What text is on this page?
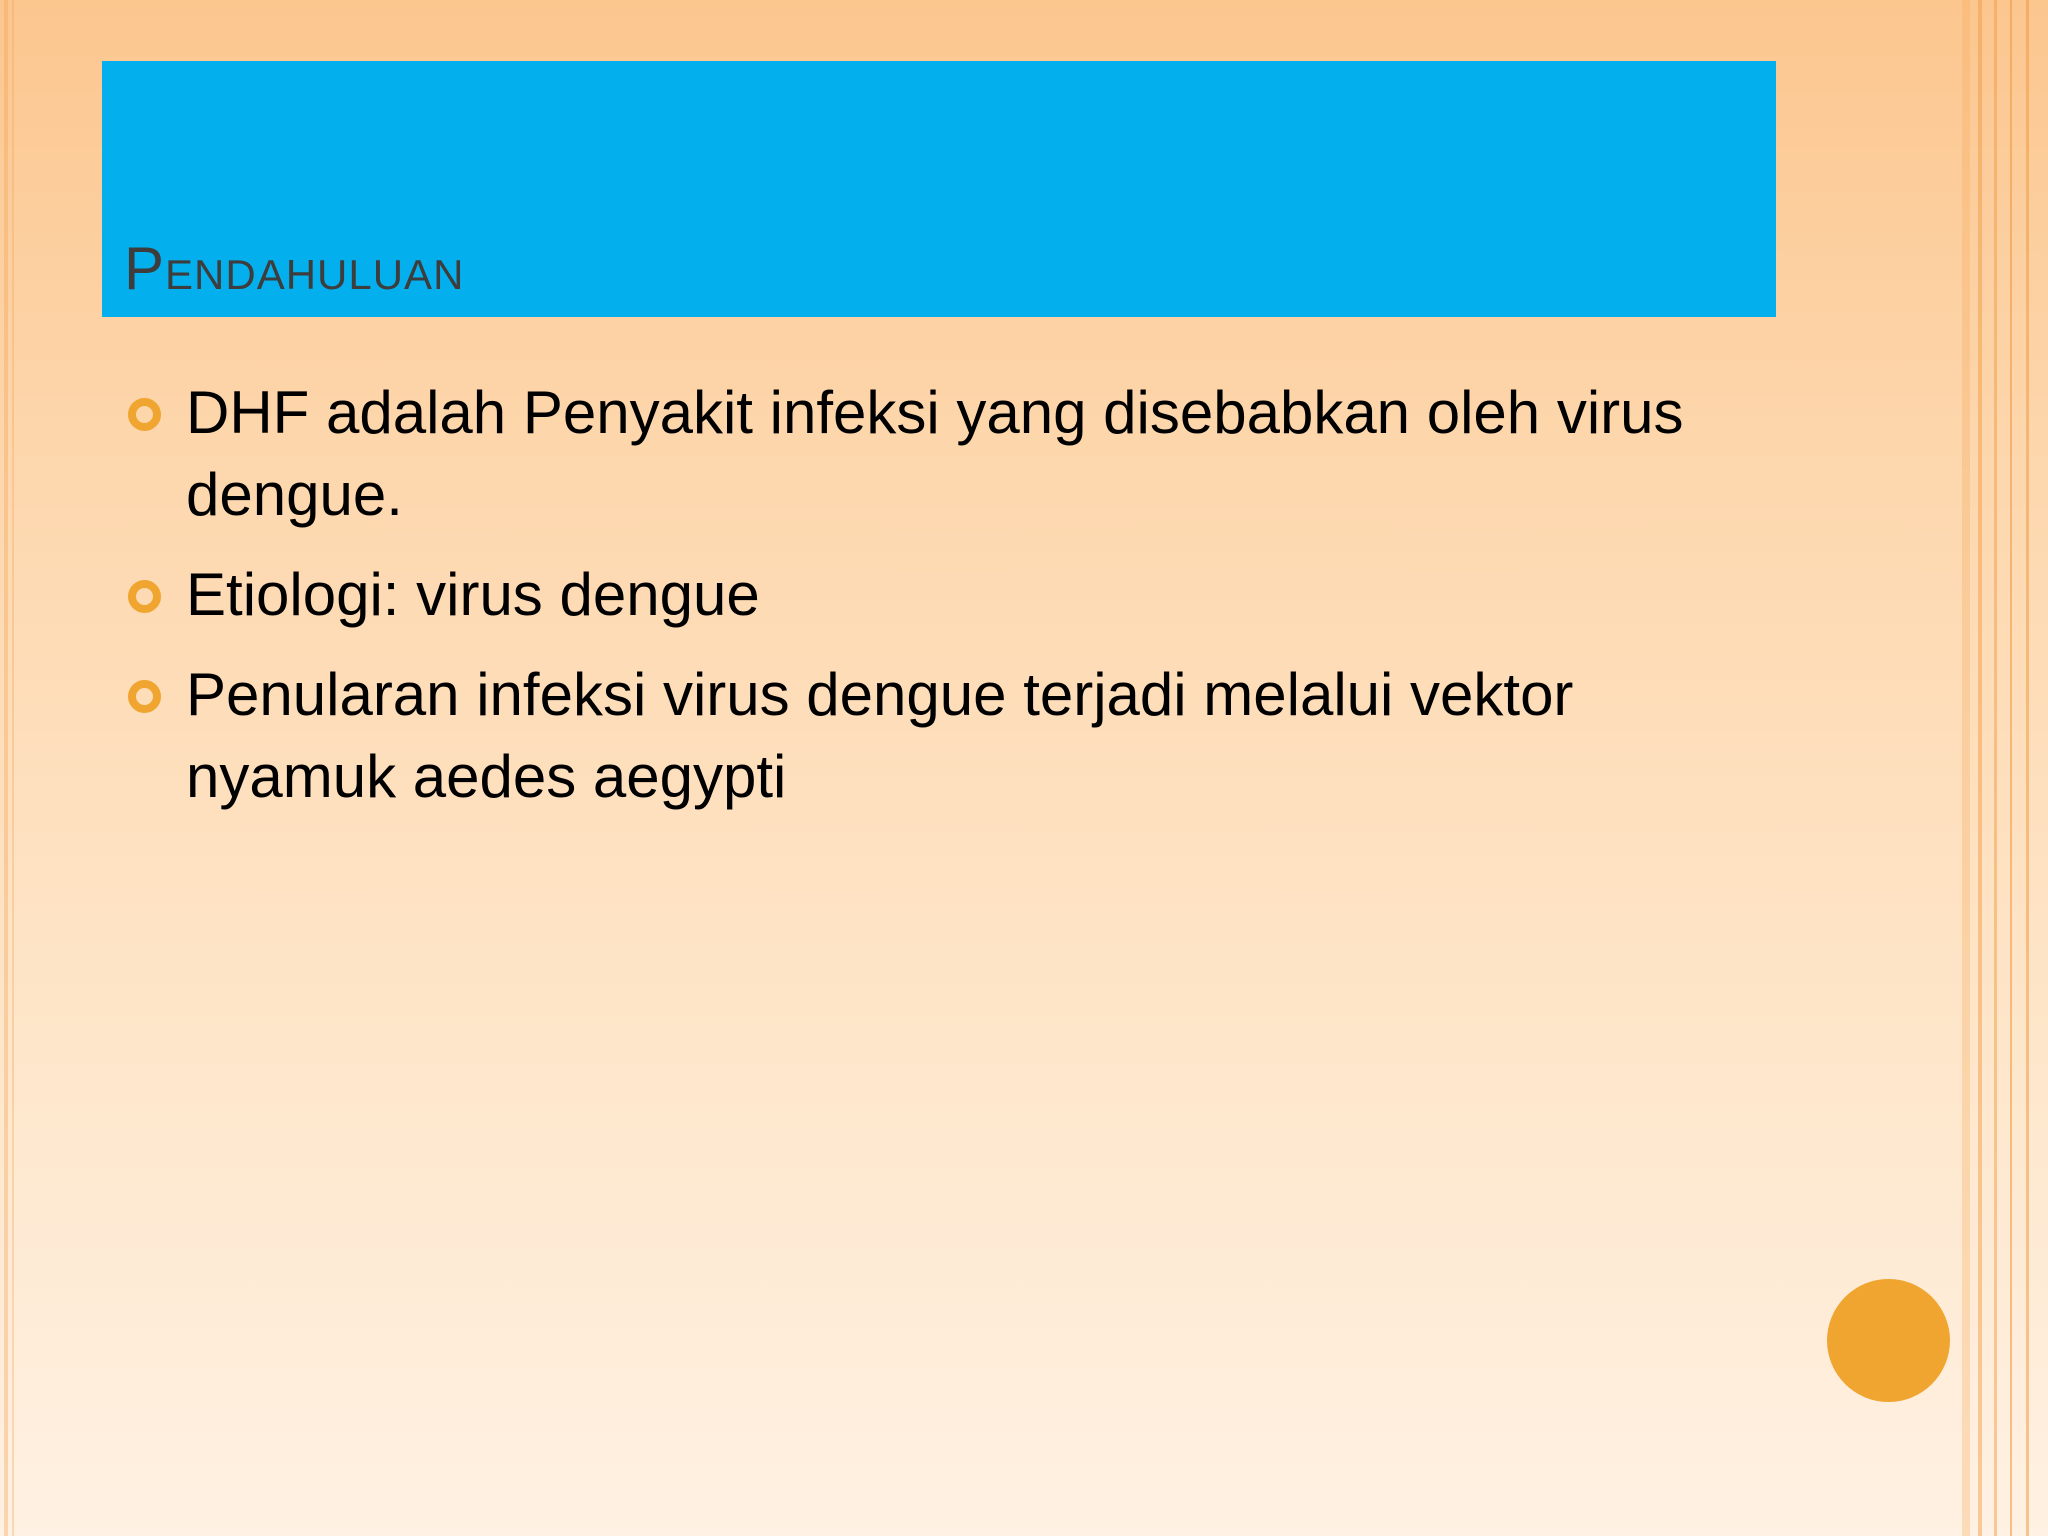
Pendahuluan
DHF adalah Penyakit infeksi yang disebabkan oleh virus dengue.
Etiologi: virus dengue
Penularan infeksi virus dengue terjadi melalui vektor nyamuk aedes aegypti
